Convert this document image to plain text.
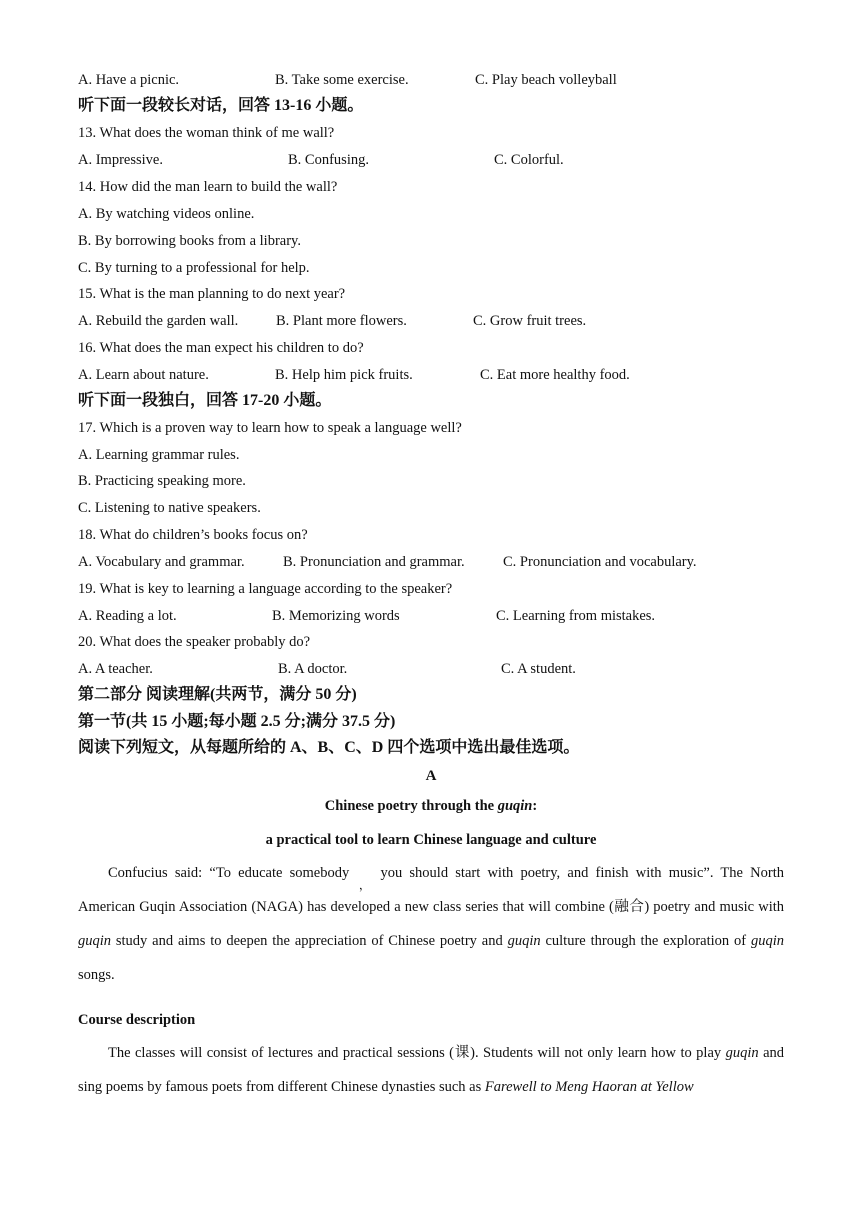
A. Have a picnic.	B. Take some exercise.	C. Play beach volleyball
听下面一段较长对话，回答 13-16 小题。
13. What does the woman think of me wall?
A. Impressive.	B. Confusing.	C. Colorful.
14. How did the man learn to build the wall?
A. By watching videos online.
B. By borrowing books from a library.
C. By turning to a professional for help.
15. What is the man planning to do next year?
A. Rebuild the garden wall.	B. Plant more flowers.	C. Grow fruit trees.
16. What does the man expect his children to do?
A. Learn about nature.	B. Help him pick fruits.	C. Eat more healthy food.
听下面一段独白，回答 17-20 小题。
17. Which is a proven way to learn how to speak a language well?
A. Learning grammar rules.
B. Practicing speaking more.
C. Listening to native speakers.
18. What do children’s books focus on?
A. Vocabulary and grammar.	B. Pronunciation and grammar.	C. Pronunciation and vocabulary.
19. What is key to learning a language according to the speaker?
A. Reading a lot.	B. Memorizing words	C. Learning from mistakes.
20. What does the speaker probably do?
A. A teacher.	B. A doctor.	C. A student.
第二部分 阅读理解(共两节，满分 50 分)
第一节(共 15 小题;每小题 2.5 分;满分 37.5 分)
阅读下列短文，从每题所给的 A、B、C、D 四个选项中选出最佳选项。
A
Chinese poetry through the guqin:
a practical tool to learn Chinese language and culture
Confucius said: “To educate somebody$_,$you should start with poetry, and finish with music”. The North American Guqin Association (NAGA) has developed a new class series that will combine (融合) poetry and music with guqin study and aims to deepen the appreciation of Chinese poetry and guqin culture through the exploration of guqin songs.
Course description
The classes will consist of lectures and practical sessions (课). Students will not only learn how to play guqin and sing poems by famous poets from different Chinese dynasties such as Farewell to Meng Haoran at Yellow
